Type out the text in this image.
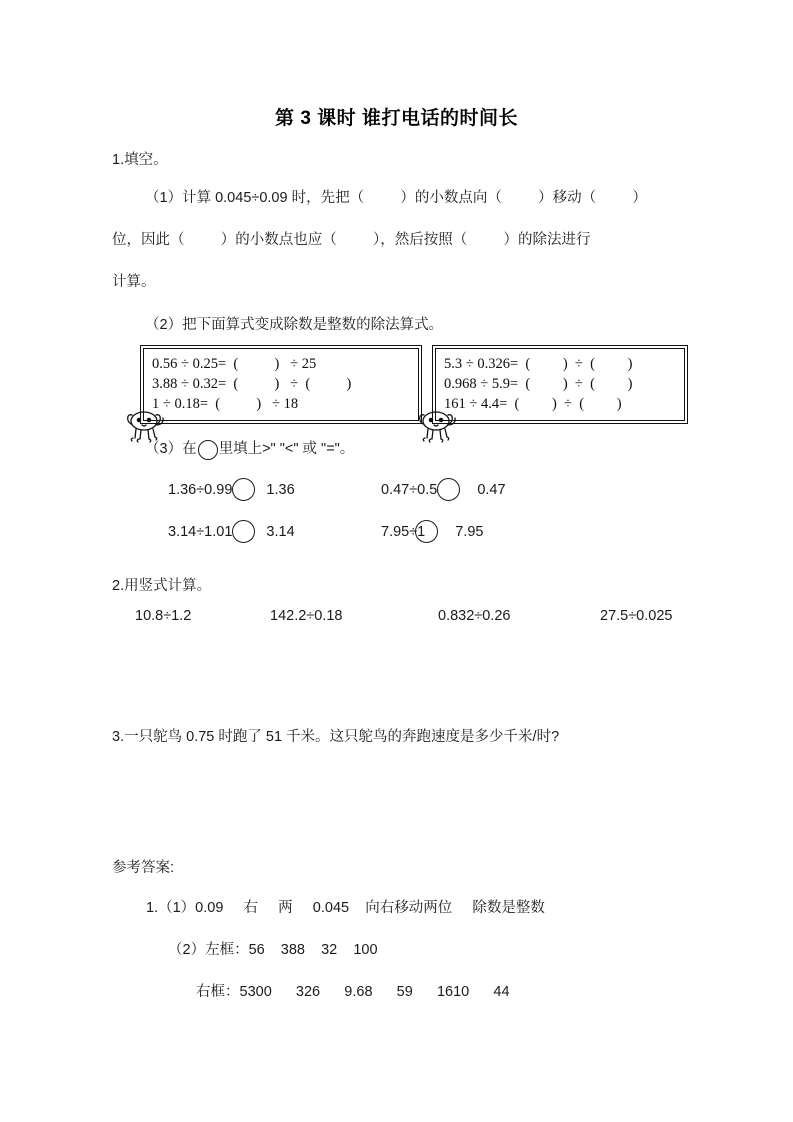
第 3 课时 谁打电话的时间长
1.填空。
（1）计算 0.045÷0.09 时，先把（         ）的小数点向（         ）移动（         ）
位，因此（         ）的小数点也应（         ），然后按照（         ）的除法进行
计算。
（2）把下面算式变成除数是整数的除法算式。
0.56 ÷ 0.25=  (          )   ÷ 25
3.88 ÷ 0.32=  (          )   ÷  (          )
1 ÷ 0.18=  (          )   ÷ 18
5.3 ÷ 0.326=  (         )  ÷  (         )
0.968 ÷ 5.9=  (         )  ÷  (         )
161 ÷ 4.4=  (         )  ÷  (         )
（3）在 里填上>" "<" 或 "="。
1.36÷0.99 1.36	0.47÷0.5	0.47
3.14÷1.01 3.14	7.95÷1 7.95
2.用竖式计算。
10.8÷1.2	142.2÷0.18	0.832÷0.26	27.5÷0.025
3.一只鸵鸟 0.75 时跑了 51 千米。这只鸵鸟的奔跑速度是多少千米/时?
参考答案:
1.（1）0.09     右     两     0.045    向右移动两位     除数是整数
（2）左框：56    388    32    100
右框：5300      326      9.68      59      1610      44
